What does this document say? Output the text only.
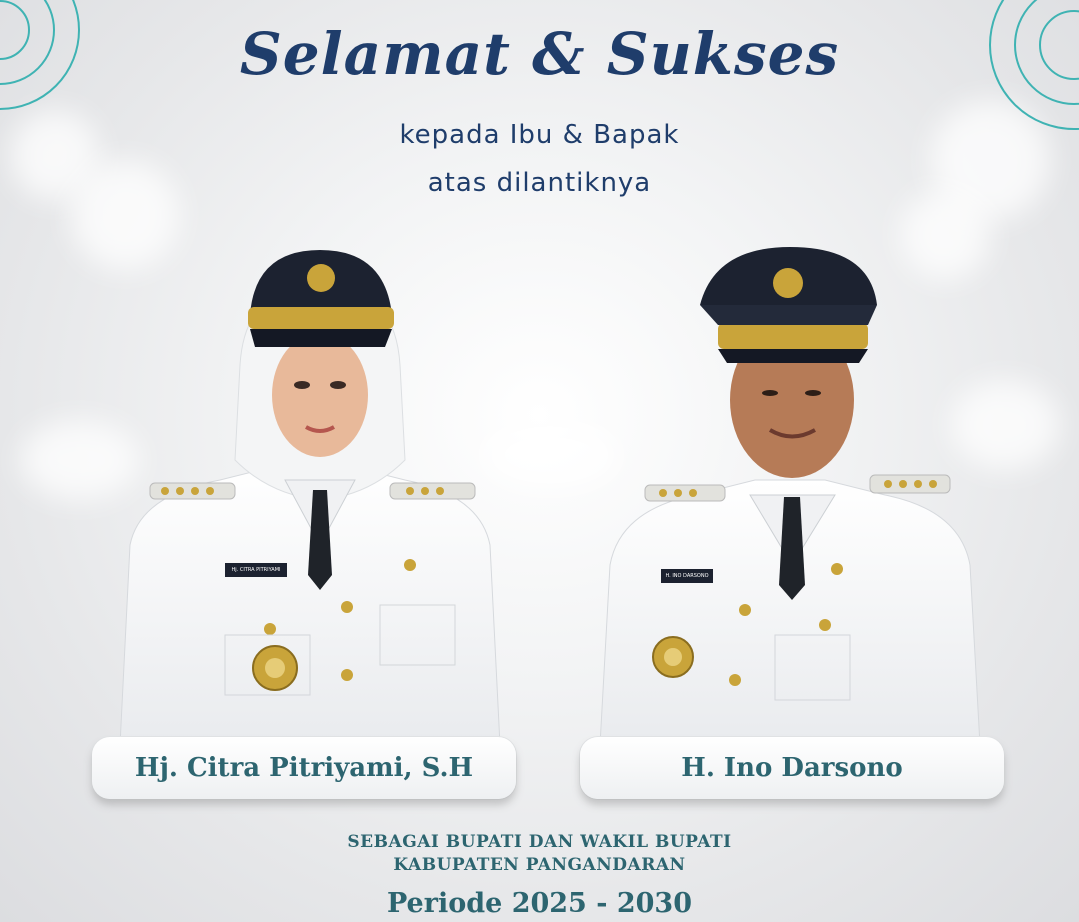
Selamat & Sukses
kepada Ibu & Bapak
atas dilantiknya
Hj. CITRA PITRIYAMI
H. INO DARSONO
Hj. Citra Pitriyami, S.H	H. Ino Darsono
SEBAGAI BUPATI DAN WAKIL BUPATI
KABUPATEN PANGANDARAN
Periode 2025 - 2030
